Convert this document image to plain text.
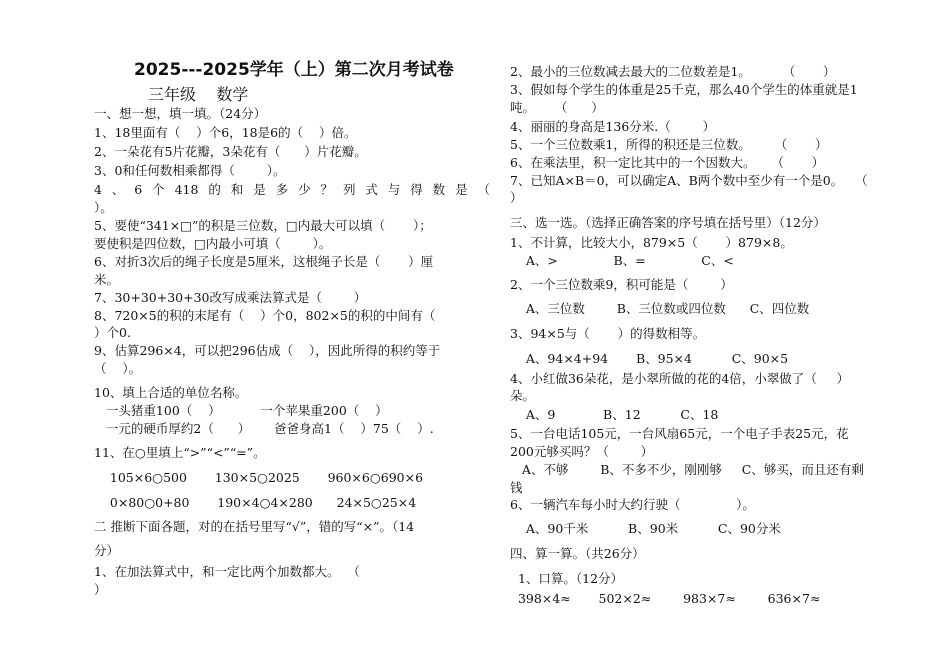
2025---2025学年（上）第二次月考试卷
三年级    数学
一、想一想，填一填。（24分）
1、18里面有（    ）个6，18是6的（    ）倍。
2、一朵花有5片花瓣，3朵花有（      ）片花瓣。
3、0和任何数相乘都得（        ）。
4、6个418的和是多少？列式与得数是（
）。
5、要使“341×□”的积是三位数，□内最大可以填（       ）；
要使积是四位数，□内最小可填（        ）。
6、对折3次后的绳子长度是5厘米，这根绳子长是（       ）厘
米。
7、30+30+30+30改写成乘法算式是（        ）
8、720×5的积的末尾有（    ）个0，802×5的积的中间有（
）个0.
9、估算296×4，可以把296估成（    ），因此所得的积约等于
（    ）。
10、填上合适的单位名称。
一头猪重100（    ）          一个苹果重200（    ）
一元的硬币厚约2（      ）      爸爸身高1（    ）75（    ）.
11、在○里填上“>”“<”“=”。
105×6○500       130×5○2025       960×6○690×6
0×80○0+80       190×4○4×280      24×5○25×4
二 推断下面各题，对的在括号里写“√”，错的写“×”。（14
分）
1、在加法算式中，和一定比两个加数都大。  （
）
2、最小的三位数减去最大的二位数差是1。        （       ）
3、假如每个学生的体重是25千克，那么40个学生的体重就是1
吨。     （      ）
4、丽丽的身高是136分米.（        ）
5、一个三位数乘1，所得的积还是三位数。      （       ）
6、在乘法里，积一定比其中的一个因数大。    （       ）
7、已知A×B＝0，可以确定A、B两个数中至少有一个是0。   （
）
三、选一选。（选择正确答案的序号填在括号里）（12分）
1、不计算，比较大小，879×5（       ）879×8。
A、>              B、=              C、<
2、一个三位数乘9，积可能是（        ）
A、三位数        B、三位数或四位数      C、四位数
3、94×5与（       ）的得数相等。
A、94×4+94       B、95×4          C、90×5
4、小红做36朵花，是小翠所做的花的4倍，小翠做了（     ）
朵。
A、9            B、12          C、18
5、一台电话105元，一台风扇65元，一个电子手表25元，花
200元够买吗？（        ）
A、不够        B、不多不少，刚刚够     C、够买，而且还有剩
钱
6、一辆汽车每小时大约行驶（              ）。
A、90千米          B、90米          C、90分米
四、算一算。（共26分）
1、口算。（12分）
398×4≈       502×2≈        983×7≈        636×7≈
